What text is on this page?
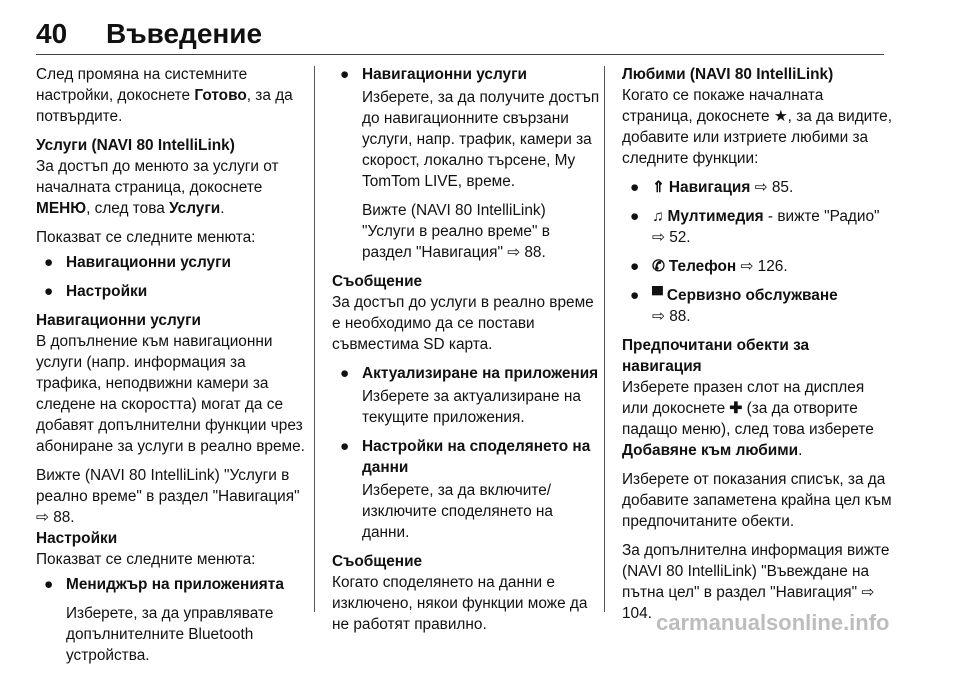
40 Въведение

След промяна на системните настройки, докоснете Готово, за да потвърдите.

Услуги (NAVI 80 IntelliLink)

За достъп до менюто за услуги от началната страница, докоснете МЕНЮ, след това Услуги.

Показват се следните менюта:

● Навигационни услуги
● Настройки

Навигационни услуги

В допълнение към навигационни услуги (напр. информация за трафика, неподвижни камери за следене на скоростта) могат да се добавят допълнителни функции чрез абониране за услуги в реално време.

Вижте (NAVI 80 IntelliLink) "Услуги в реално време" в раздел "Навигация" ⇨ 88.

Настройки

Показват се следните менюта:

● Мениджър на приложенията

Изберете, за да управлявате допълнителните Bluetooth устройства.

● Навигационни услуги

Изберете, за да получите достъп до навигационните свързани услуги, напр. трафик, камери за скорост, локално търсене, My TomTom LIVE, време.

Вижте (NAVI 80 IntelliLink) "Услуги в реално време" в раздел "Навигация" ⇨ 88.

Съобщение

За достъп до услуги в реално време е необходимо да се постави съвместима SD карта.

● Актуализиране на приложения

Изберете за актуализиране на текущите приложения.

● Настройки на споделянето на данни

Изберете, за да включите/изключите споделянето на данни.

Съобщение

Когато споделянето на данни е изключено, някои функции може да не работят правилно.

Любими (NAVI 80 IntelliLink)

Когато се покаже началната страница, докоснете ★, за да видите, добавите или изтриете любими за следните функции:

● ⇑ Навигация ⇨ 85.
● ♫ Мултимедия - вижте "Радио" ⇨ 52.
● ✆ Телефон ⇨ 126.
● ▀ Сервизно обслужване
⇨ 88.

Предпочитани обекти за навигация

Изберете празен слот на дисплея или докоснете ✚ (за да отворите падащо меню), след това изберете Добавяне към любими.

Изберете от показания списък, за да добавите запаметена крайна цел към предпочитаните обекти.

За допълнителна информация вижте (NAVI 80 IntelliLink) "Въвеждане на пътна цел" в раздел "Навигация" ⇨ 104. carmanualsonline.info
